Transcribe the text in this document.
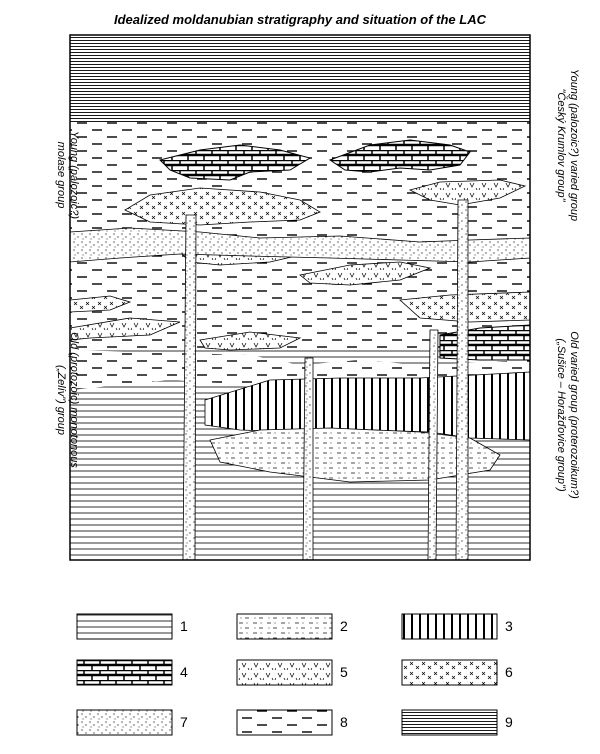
Idealized moldanubian stratigraphy and situation of the LAC
1	2	3
4	5	6
7	8	9
Young (palozoic?)
molase group
Old (protozoic) monotonous
(„Zelív") group
Young (palozoic?) varied group
"Český Krumlov group"
Old varied group (proterozoikum?)
(„Sušice – Horažďovice group")
